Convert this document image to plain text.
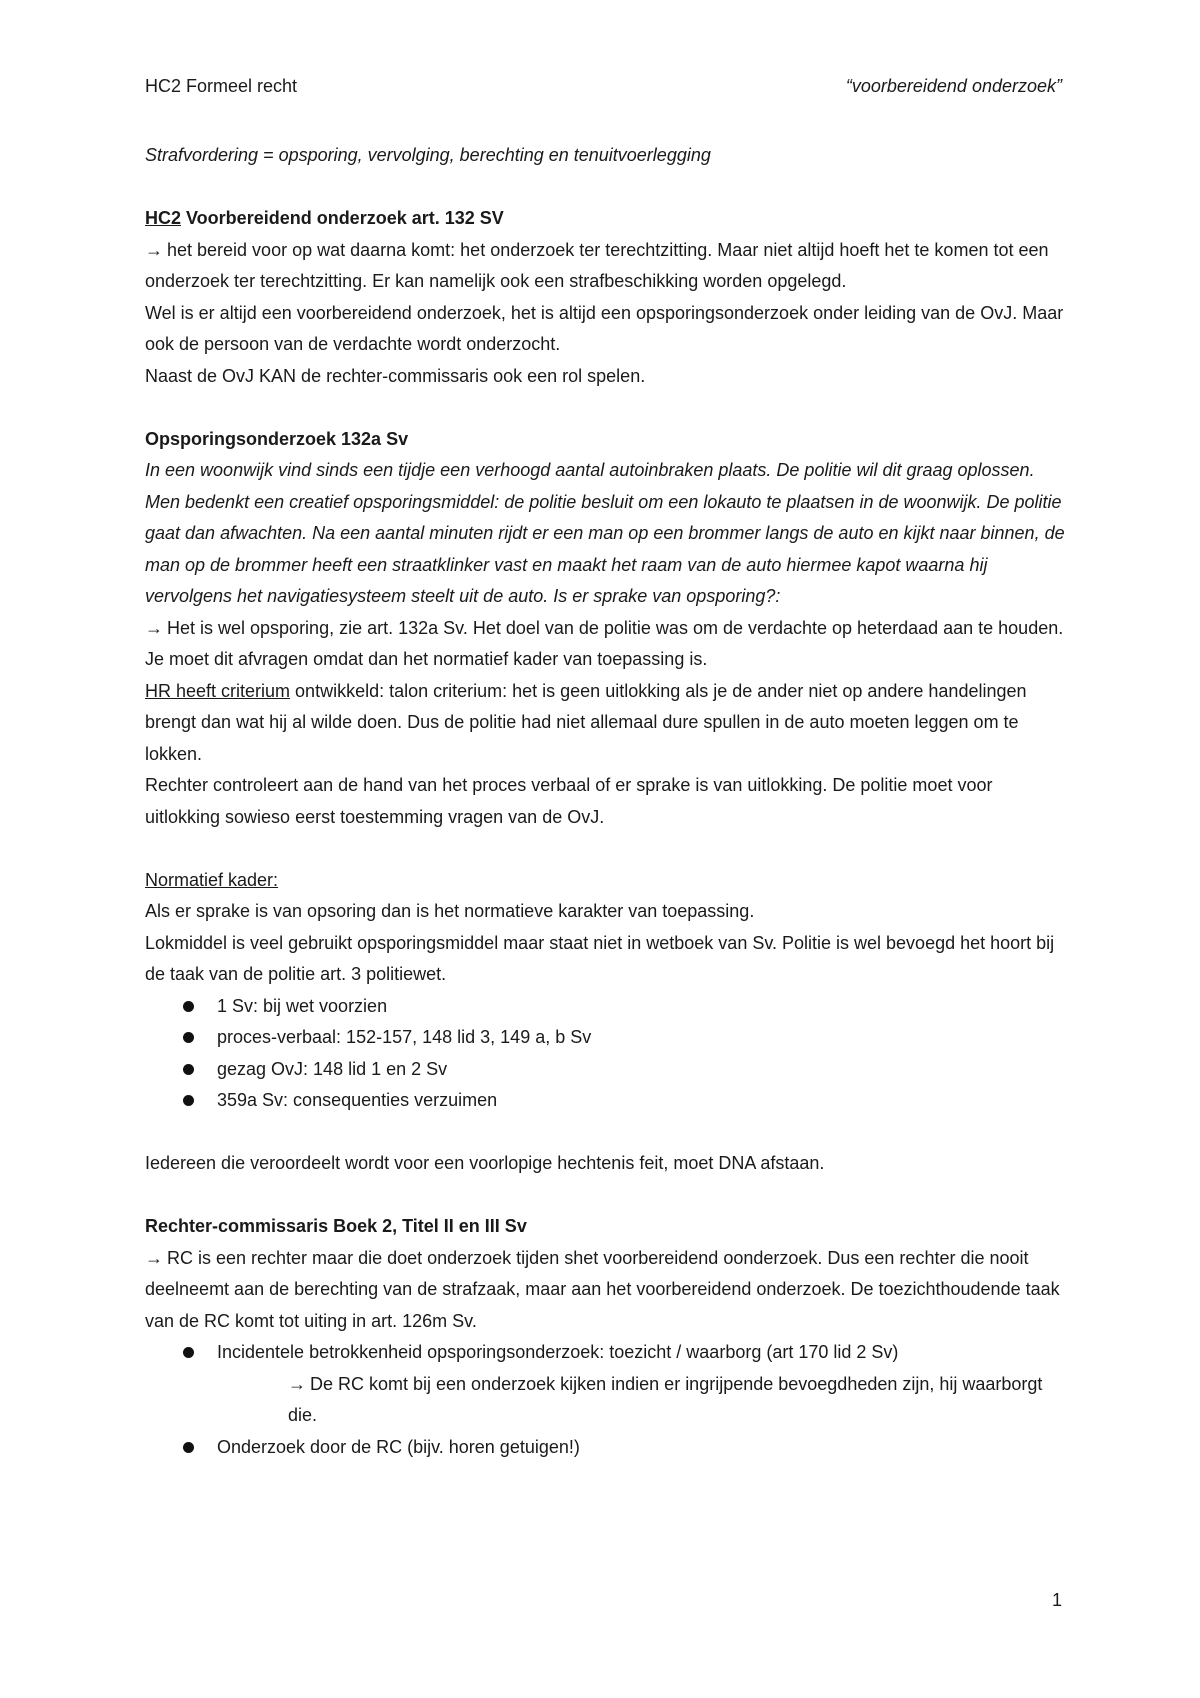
HC2 Formeel recht	“voorbereidend onderzoek”

Strafvordering = opsporing, vervolging, berechting en tenuitvoerlegging

HC2 Voorbereidend onderzoek art. 132 SV

→ het bereid voor op wat daarna komt: het onderzoek ter terechtzitting. Maar niet altijd hoeft het te komen tot een onderzoek ter terechtzitting. Er kan namelijk ook een strafbeschikking worden opgelegd.

Wel is er altijd een voorbereidend onderzoek, het is altijd een opsporingsonderzoek onder leiding van de OvJ. Maar ook de persoon van de verdachte wordt onderzocht.

Naast de OvJ KAN de rechter-commissaris ook een rol spelen.

Opsporingsonderzoek 132a Sv

In een woonwijk vind sinds een tijdje een verhoogd aantal autoinbraken plaats. De politie wil dit graag oplossen. Men bedenkt een creatief opsporingsmiddel: de politie besluit om een lokauto te plaatsen in de woonwijk. De politie gaat dan afwachten. Na een aantal minuten rijdt er een man op een brommer langs de auto en kijkt naar binnen, de man op de brommer heeft een straatklinker vast en maakt het raam van de auto hiermee kapot waarna hij vervolgens het navigatiesysteem steelt uit de auto. Is er sprake van opsporing?:

→ Het is wel opsporing, zie art. 132a Sv. Het doel van de politie was om de verdachte op heterdaad aan te houden. Je moet dit afvragen omdat dan het normatief kader van toepassing is.

HR heeft criterium ontwikkeld: talon criterium: het is geen uitlokking als je de ander niet op andere handelingen brengt dan wat hij al wilde doen. Dus de politie had niet allemaal dure spullen in de auto moeten leggen om te lokken.

Rechter controleert aan de hand van het proces verbaal of er sprake is van uitlokking. De politie moet voor uitlokking sowieso eerst toestemming vragen van de OvJ.

Normatief kader:

Als er sprake is van opsoring dan is het normatieve karakter van toepassing.

Lokmiddel is veel gebruikt opsporingsmiddel maar staat niet in wetboek van Sv. Politie is wel bevoegd het hoort bij de taak van de politie art. 3 politiewet.

1 Sv: bij wet voorzien
proces-verbaal: 152-157, 148 lid 3, 149 a, b Sv
gezag OvJ: 148 lid 1 en 2 Sv
359a Sv: consequenties verzuimen

Iedereen die veroordeelt wordt voor een voorlopige hechtenis feit, moet DNA afstaan.

Rechter-commissaris Boek 2, Titel II en III Sv

→ RC is een rechter maar die doet onderzoek tijden shet voorbereidend oonderzoek. Dus een rechter die nooit deelneemt aan de berechting van de strafzaak, maar aan het voorbereidend onderzoek. De toezichthoudende taak van de RC komt tot uiting in art. 126m Sv.

Incidentele betrokkenheid opsporingsonderzoek: toezicht / waarborg (art 170 lid 2 Sv)

→ De RC komt bij een onderzoek kijken indien er ingrijpende bevoegdheden zijn, hij waarborgt die.

Onderzoek door de RC (bijv. horen getuigen!)
1
